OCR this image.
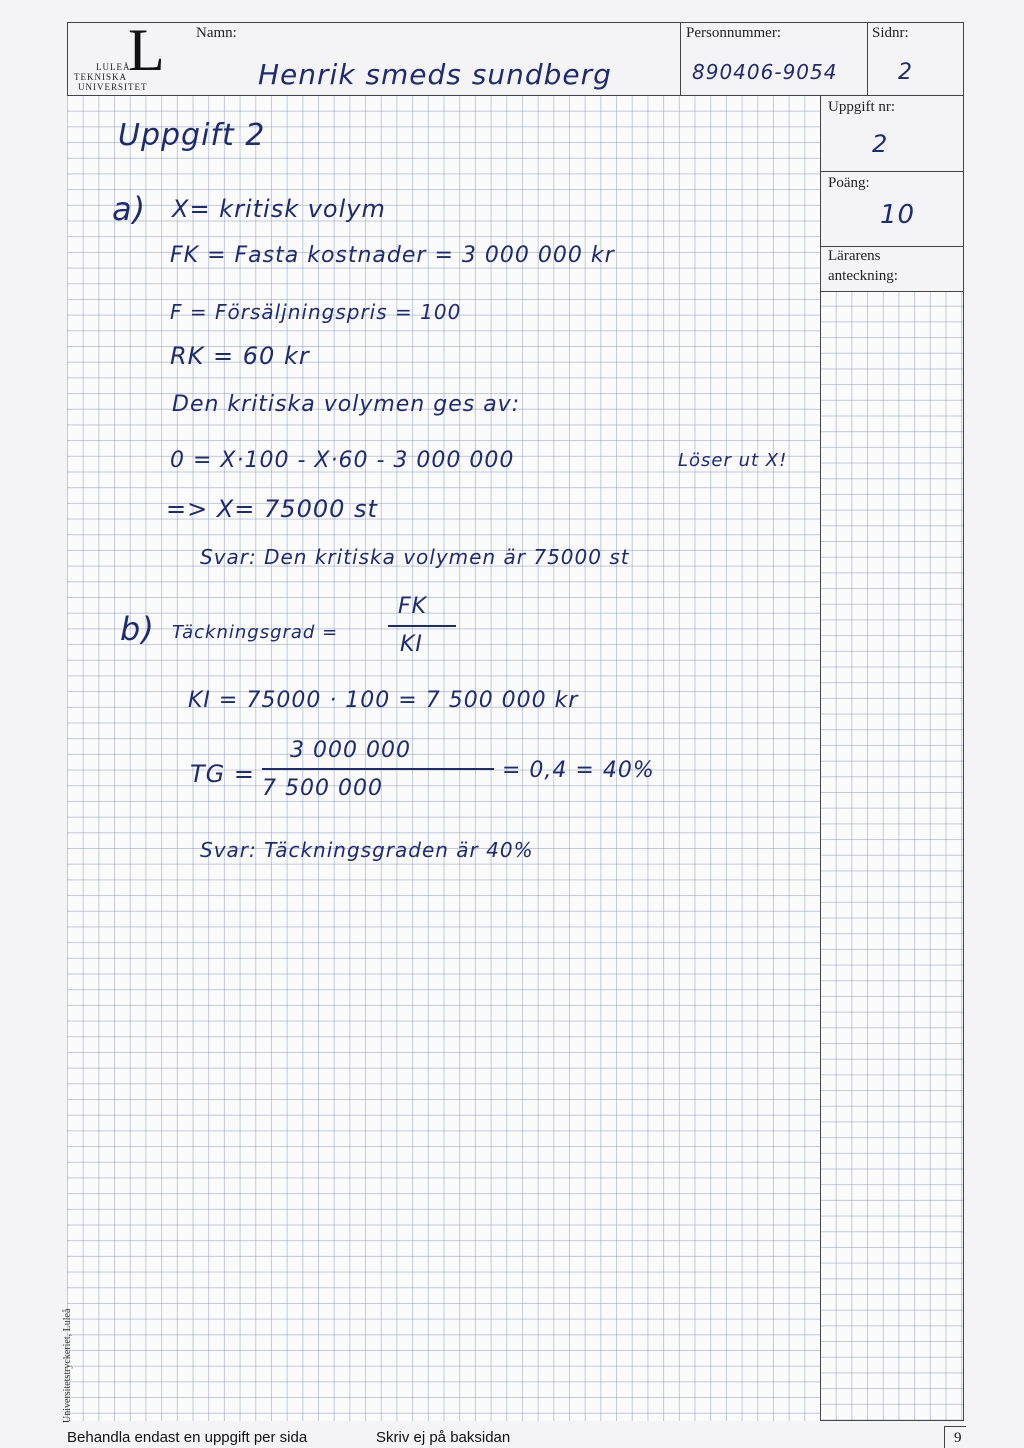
L
LULEÅ
TEKNISKA
UNIVERSITET
Namn:
Henrik smeds sundberg
Personnummer:
890406-9054
Sidnr:
2
Uppgift nr:
2
Poäng:
10
Lärarens
anteckning:
Uppgift 2
a) X= kritisk volym
FK = Fasta kostnader = 3 000 000 kr
F = Försäljningspris = 100
RK = 60 kr
Den kritiska volymen ges av:
0 = X·100 - X·60 - 3 000 000	Löser ut X!
=> X= 75000 st
Svar: Den kritiska volymen är 75000 st
b) Täckningsgrad =
FK
KI
KI = 75000 · 100 = 7 500 000 kr
TG =
3 000 000
7 500 000
= 0,4 = 40%
Svar: Täckningsgraden är 40%
Behandla endast en uppgift per sida	Skriv ej på baksidan	9
Universitetstryckeriet, Luleå
